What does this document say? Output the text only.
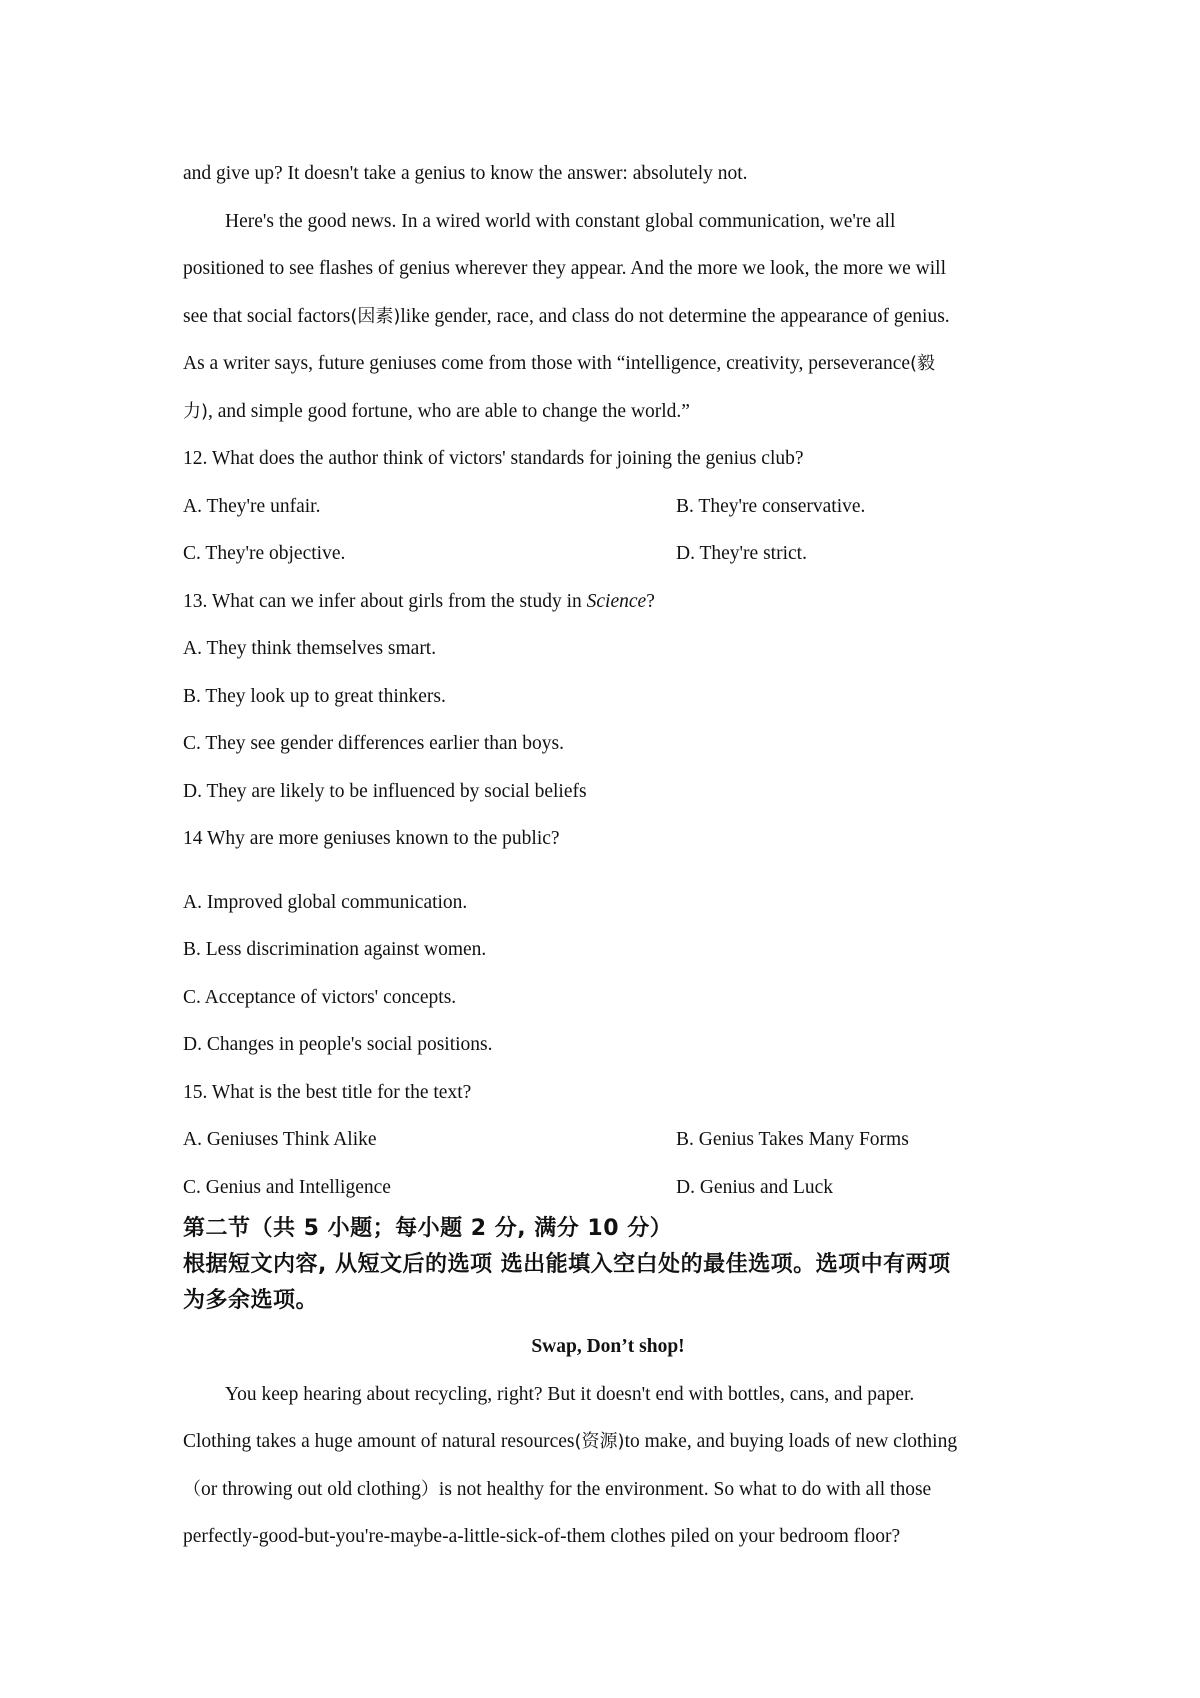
and give up? It doesn't take a genius to know the answer: absolutely not.
Here's the good news. In a wired world with constant global communication, we're all
positioned to see flashes of genius wherever they appear. And the more we look, the more we will
see that social factors(因素)like gender, race, and class do not determine the appearance of genius.
As a writer says, future geniuses come from those with “intelligence, creativity, perseverance(毅
力), and simple good fortune, who are able to change the world.”
12. What does the author think of victors' standards for joining the genius club?
A. They're unfair.	B. They're conservative.
C. They're objective.	D. They're strict.
13. What can we infer about girls from the study in Science?
A. They think themselves smart.
B. They look up to great thinkers.
C. They see gender differences earlier than boys.
D. They are likely to be influenced by social beliefs
14 Why are more geniuses known to the public?
A. Improved global communication.
B. Less discrimination against women.
C. Acceptance of victors' concepts.
D. Changes in people's social positions.
15. What is the best title for the text?
A. Geniuses Think Alike	B. Genius Takes Many Forms
C. Genius and Intelligence	D. Genius and Luck
第二节（共 5 小题；每小题 2 分, 满分 10 分）
根据短文内容, 从短文后的选项 选出能填入空白处的最佳选项。选项中有两项
为多余选项。
Swap, Don’t shop!
You keep hearing about recycling, right? But it doesn't end with bottles, cans, and paper.
Clothing takes a huge amount of natural resources(资源)to make, and buying loads of new clothing
（or throwing out old clothing）is not healthy for the environment. So what to do with all those
perfectly-good-but-you're-maybe-a-little-sick-of-them clothes piled on your bedroom floor?
